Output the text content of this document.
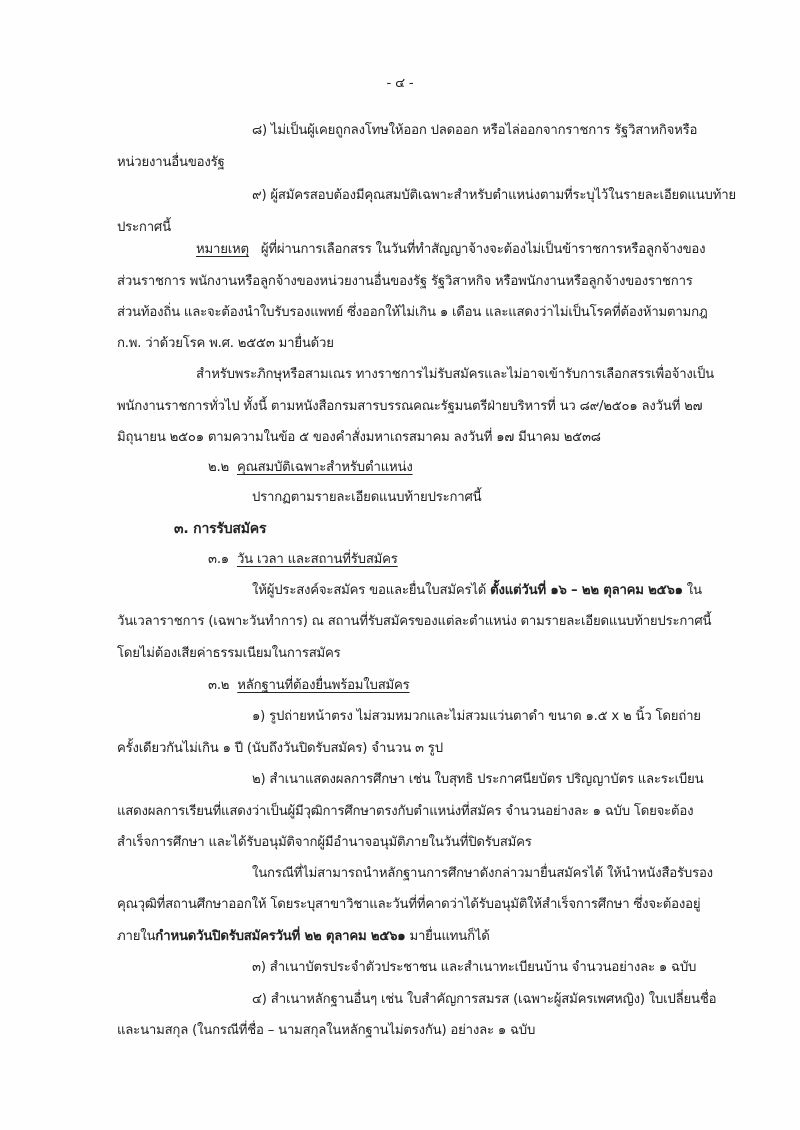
- ๔ -
๘) ไม่เป็นผู้เคยถูกลงโทษให้ออก ปลดออก หรือไล่ออกจากราชการ รัฐวิสาหกิจหรือ
หน่วยงานอื่นของรัฐ
๙) ผู้สมัครสอบต้องมีคุณสมบัติเฉพาะสำหรับตำแหน่งตามที่ระบุไว้ในรายละเอียดแนบท้าย
ประกาศนี้
หมายเหตุ ผู้ที่ผ่านการเลือกสรร ในวันที่ทำสัญญาจ้างจะต้องไม่เป็นข้าราชการหรือลูกจ้างของ
ส่วนราชการ พนักงานหรือลูกจ้างของหน่วยงานอื่นของรัฐ รัฐวิสาหกิจ หรือพนักงานหรือลูกจ้างของราชการ
ส่วนท้องถิ่น และจะต้องนำใบรับรองแพทย์ ซึ่งออกให้ไม่เกิน ๑ เดือน และแสดงว่าไม่เป็นโรคที่ต้องห้ามตามกฎ
ก.พ. ว่าด้วยโรค พ.ศ. ๒๕๕๓ มายื่นด้วย
สำหรับพระภิกษุหรือสามเณร ทางราชการไม่รับสมัครและไม่อาจเข้ารับการเลือกสรรเพื่อจ้างเป็น
พนักงานราชการทั่วไป ทั้งนี้ ตามหนังสือกรมสารบรรณคณะรัฐมนตรีฝ่ายบริหารที่ นว ๘๙/๒๕๐๑ ลงวันที่ ๒๗
มิถุนายน ๒๕๐๑ ตามความในข้อ ๕ ของคำสั่งมหาเถรสมาคม ลงวันที่ ๑๗ มีนาคม ๒๕๓๘
๒.๒ คุณสมบัติเฉพาะสำหรับตำแหน่ง
ปรากฏตามรายละเอียดแนบท้ายประกาศนี้
๓. การรับสมัคร
๓.๑ วัน เวลา และสถานที่รับสมัคร
ให้ผู้ประสงค์จะสมัคร ขอและยื่นใบสมัครได้ ตั้งแต่วันที่ ๑๖ – ๒๒ ตุลาคม ๒๕๖๑ ใน
วันเวลาราชการ (เฉพาะวันทำการ) ณ สถานที่รับสมัครของแต่ละตำแหน่ง ตามรายละเอียดแนบท้ายประกาศนี้
โดยไม่ต้องเสียค่าธรรมเนียมในการสมัคร
๓.๒ หลักฐานที่ต้องยื่นพร้อมใบสมัคร
๑) รูปถ่ายหน้าตรง ไม่สวมหมวกและไม่สวมแว่นตาดำ ขนาด ๑.๕ x ๒ นิ้ว โดยถ่าย
ครั้งเดียวกันไม่เกิน ๑ ปี (นับถึงวันปิดรับสมัคร) จำนวน ๓ รูป
๒) สำเนาแสดงผลการศึกษา เช่น ใบสุทธิ ประกาศนียบัตร ปริญญาบัตร และระเบียน
แสดงผลการเรียนที่แสดงว่าเป็นผู้มีวุฒิการศึกษาตรงกับตำแหน่งที่สมัคร จำนวนอย่างละ ๑ ฉบับ โดยจะต้อง
สำเร็จการศึกษา และได้รับอนุมัติจากผู้มีอำนาจอนุมัติภายในวันที่ปิดรับสมัคร
ในกรณีที่ไม่สามารถนำหลักฐานการศึกษาดังกล่าวมายื่นสมัครได้ ให้นำหนังสือรับรอง
คุณวุฒิที่สถานศึกษาออกให้ โดยระบุสาขาวิชาและวันที่ที่คาดว่าได้รับอนุมัติให้สำเร็จการศึกษา ซึ่งจะต้องอยู่
ภายในกำหนดวันปิดรับสมัครวันที่ ๒๒ ตุลาคม ๒๕๖๑ มายื่นแทนก็ได้
๓) สำเนาบัตรประจำตัวประชาชน และสำเนาทะเบียนบ้าน จำนวนอย่างละ ๑ ฉบับ
๔) สำเนาหลักฐานอื่นๆ เช่น ใบสำคัญการสมรส (เฉพาะผู้สมัครเพศหญิง) ใบเปลี่ยนชื่อ
และนามสกุล (ในกรณีที่ชื่อ – นามสกุลในหลักฐานไม่ตรงกัน) อย่างละ ๑ ฉบับ
